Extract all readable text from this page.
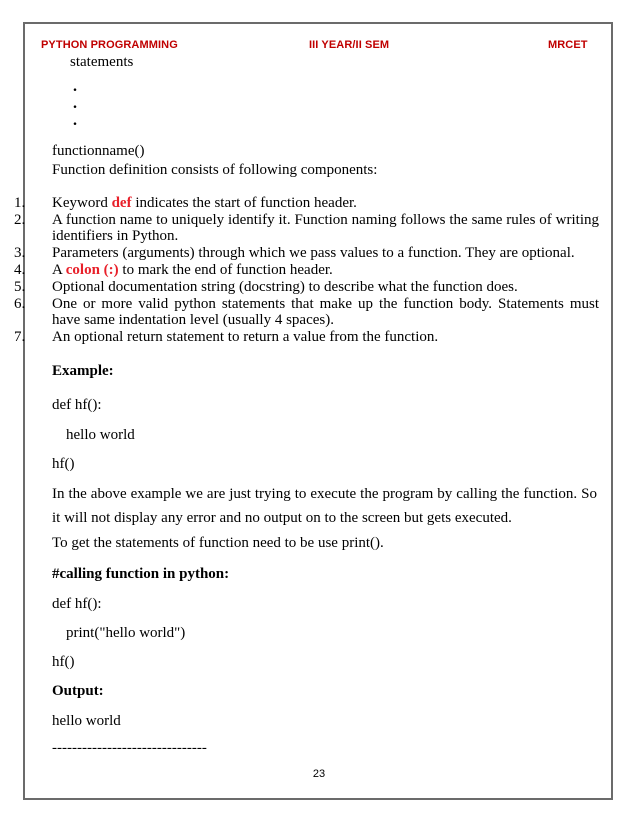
PYTHON PROGRAMMING	III YEAR/II SEM	MRCET
statements
.
.
.
functionname()
Function definition consists of following components:
1.	Keyword def indicates the start of function header.
2.	A function name to uniquely identify it. Function naming follows the same rules of writing identifiers in Python.
3.	Parameters (arguments) through which we pass values to a function. They are optional.
4.	A colon (:) to mark the end of function header.
5.	Optional documentation string (docstring) to describe what the function does.
6.	One or more valid python statements that make up the function body. Statements must have same indentation level (usually 4 spaces).
7.	An optional return statement to return a value from the function.
Example:
def hf():
hello world
hf()
In the above example we are just trying to execute the program by calling the function. So it will not display any error and no output on to the screen but gets executed.
To get the statements of function need to be use print().
#calling function in python:
def hf():
print("hello world")
hf()
Output:
hello world
-------------------------------
23
